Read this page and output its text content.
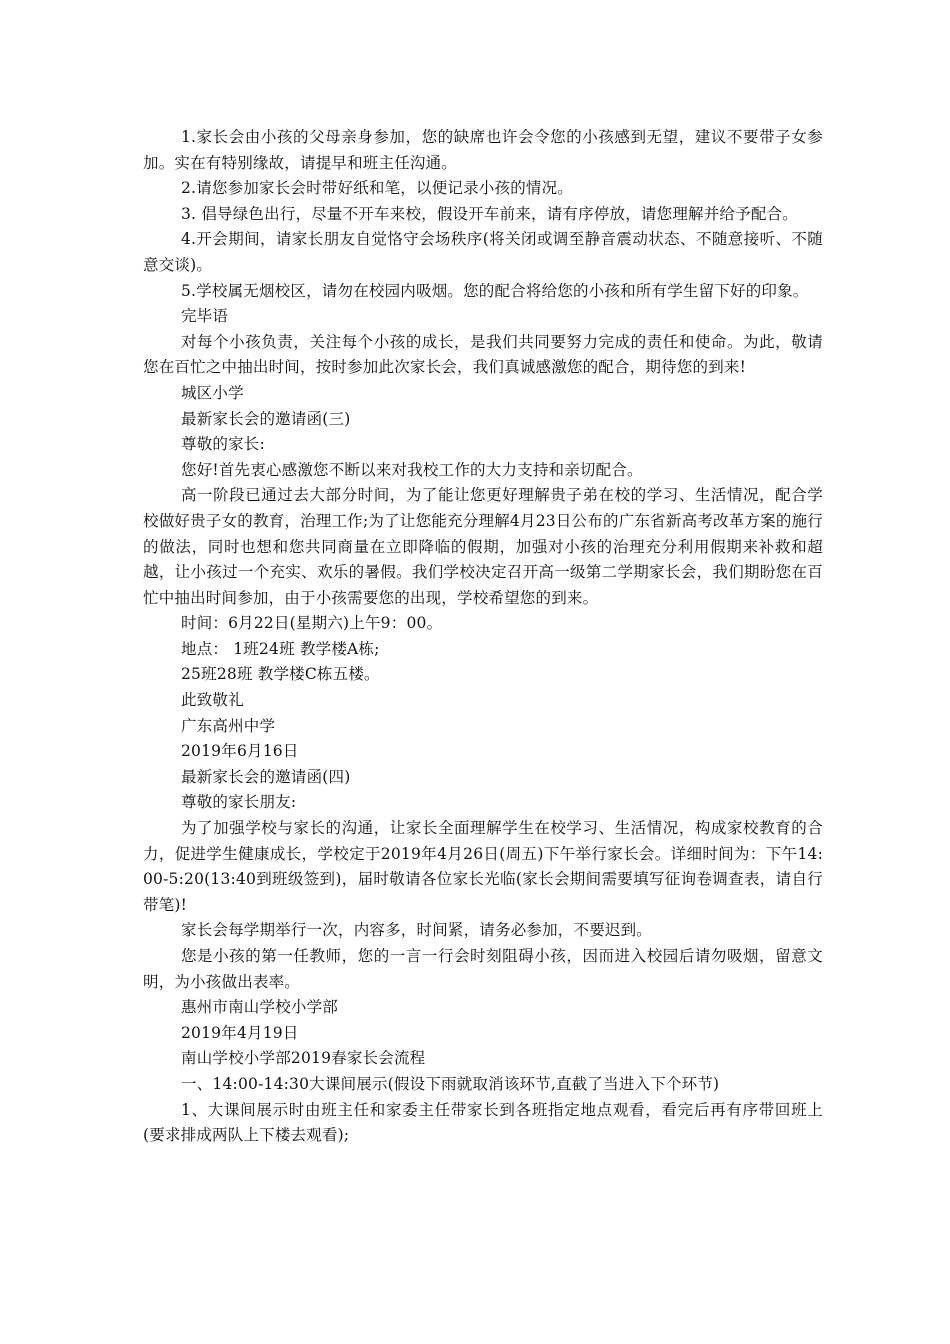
1.家长会由小孩的父母亲身参加，您的缺席也许会令您的小孩感到无望，建议不要带子女参加。实在有特别缘故，请提早和班主任沟通。

2.请您参加家长会时带好纸和笔，以便记录小孩的情况。

3. 倡导绿色出行，尽量不开车来校，假设开车前来，请有序停放，请您理解并给予配合。

4.开会期间，请家长朋友自觉恪守会场秩序(将关闭或调至静音震动状态、不随意接听、不随意交谈)。

5.学校属无烟校区，请勿在校园内吸烟。您的配合将给您的小孩和所有学生留下好的印象。

完毕语

对每个小孩负责，关注每个小孩的成长，是我们共同要努力完成的责任和使命。为此，敬请您在百忙之中抽出时间，按时参加此次家长会，我们真诚感激您的配合，期待您的到来!

城区小学

最新家长会的邀请函(三)

尊敬的家长:

您好!首先衷心感激您不断以来对我校工作的大力支持和亲切配合。

高一阶段已通过去大部分时间，为了能让您更好理解贵子弟在校的学习、生活情况，配合学校做好贵子女的教育，治理工作;为了让您能充分理解4月23日公布的广东省新高考改革方案的施行的做法，同时也想和您共同商量在立即降临的假期，加强对小孩的治理充分利用假期来补救和超越，让小孩过一个充实、欢乐的暑假。我们学校决定召开高一级第二学期家长会，我们期盼您在百忙中抽出时间参加，由于小孩需要您的出现，学校希望您的到来。

时间：6月22日(星期六)上午9：00。

地点： 1班24班 教学楼A栋;

25班28班 教学楼C栋五楼。

此致敬礼

广东高州中学

2019年6月16日

最新家长会的邀请函(四)

尊敬的家长朋友:

为了加强学校与家长的沟通，让家长全面理解学生在校学习、生活情况，构成家校教育的合力，促进学生健康成长，学校定于2019年4月26日(周五)下午举行家长会。详细时间为：下午14:00-5:20(13:40到班级签到)，届时敬请各位家长光临(家长会期间需要填写征询卷调查表，请自行带笔)!

家长会每学期举行一次，内容多，时间紧，请务必参加，不要迟到。

您是小孩的第一任教师，您的一言一行会时刻阻碍小孩，因而进入校园后请勿吸烟，留意文明，为小孩做出表率。

惠州市南山学校小学部

2019年4月19日

南山学校小学部2019春家长会流程

一、14:00-14:30大课间展示(假设下雨就取消该环节,直截了当进入下个环节)

1、大课间展示时由班主任和家委主任带家长到各班指定地点观看，看完后再有序带回班上(要求排成两队上下楼去观看);
